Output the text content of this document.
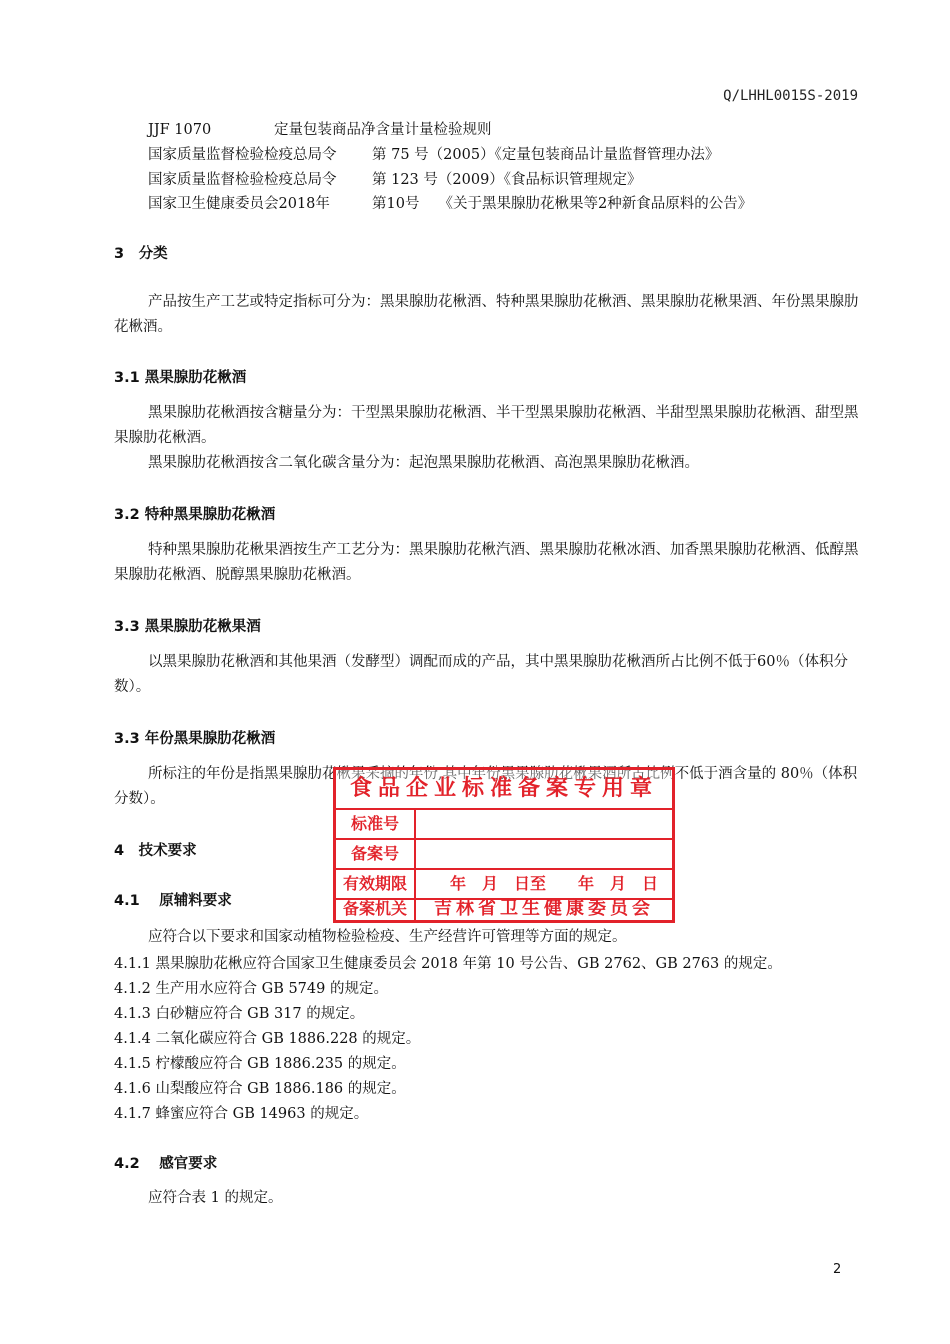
Q/LHHL0015S-2019
JJF 1070	定量包装商品净含量计量检验规则
国家质量监督检验检疫总局令 第 75 号（2005）《定量包装商品计量监督管理办法》
国家质量监督检验检疫总局令 第 123 号（2009）《食品标识管理规定》
国家卫生健康委员会2018年	第10号　 《关于黑果腺肋花楸果等2种新食品原料的公告》
3　分类
产品按生产工艺或特定指标可分为：黑果腺肋花楸酒、特种黑果腺肋花楸酒、黑果腺肋花楸果酒、年份黑果腺肋花楸酒。
3.1 黑果腺肋花楸酒
黑果腺肋花楸酒按含糖量分为：干型黑果腺肋花楸酒、半干型黑果腺肋花楸酒、半甜型黑果腺肋花楸酒、甜型黑果腺肋花楸酒。
黑果腺肋花楸酒按含二氧化碳含量分为：起泡黑果腺肋花楸酒、高泡黑果腺肋花楸酒。
3.2 特种黑果腺肋花楸酒
特种黑果腺肋花楸果酒按生产工艺分为：黑果腺肋花楸汽酒、黑果腺肋花楸冰酒、加香黑果腺肋花楸酒、低醇黑果腺肋花楸酒、脱醇黑果腺肋花楸酒。
3.3 黑果腺肋花楸果酒
以黑果腺肋花楸酒和其他果酒（发酵型）调配而成的产品，其中黑果腺肋花楸酒所占比例不低于60％（体积分数）。
3.3 年份黑果腺肋花楸酒
所标注的年份是指黑果腺肋花楸果采摘的年份,其中年份黑果腺肋花楸果酒所占比例不低于酒含量的 80％（体积分数）。
4　技术要求
4.1　 原辅料要求
应符合以下要求和国家动植物检验检疫、生产经营许可管理等方面的规定。
4.1.1 黑果腺肋花楸应符合国家卫生健康委员会 2018 年第 10 号公告、GB 2762、GB 2763 的规定。
4.1.2 生产用水应符合 GB 5749 的规定。
4.1.3 白砂糖应符合 GB 317 的规定。
4.1.4 二氧化碳应符合 GB 1886.228 的规定。
4.1.5 柠檬酸应符合 GB 1886.235 的规定。
4.1.6 山梨酸应符合 GB 1886.186 的规定。
4.1.7 蜂蜜应符合 GB 14963 的规定。
4.2　 感官要求
应符合表 1 的规定。
食品企业标准备案专用章
标准号
备案号
有效期限	年　月　日至　　年　月　日
备案机关	吉林省卫生健康委员会
2
